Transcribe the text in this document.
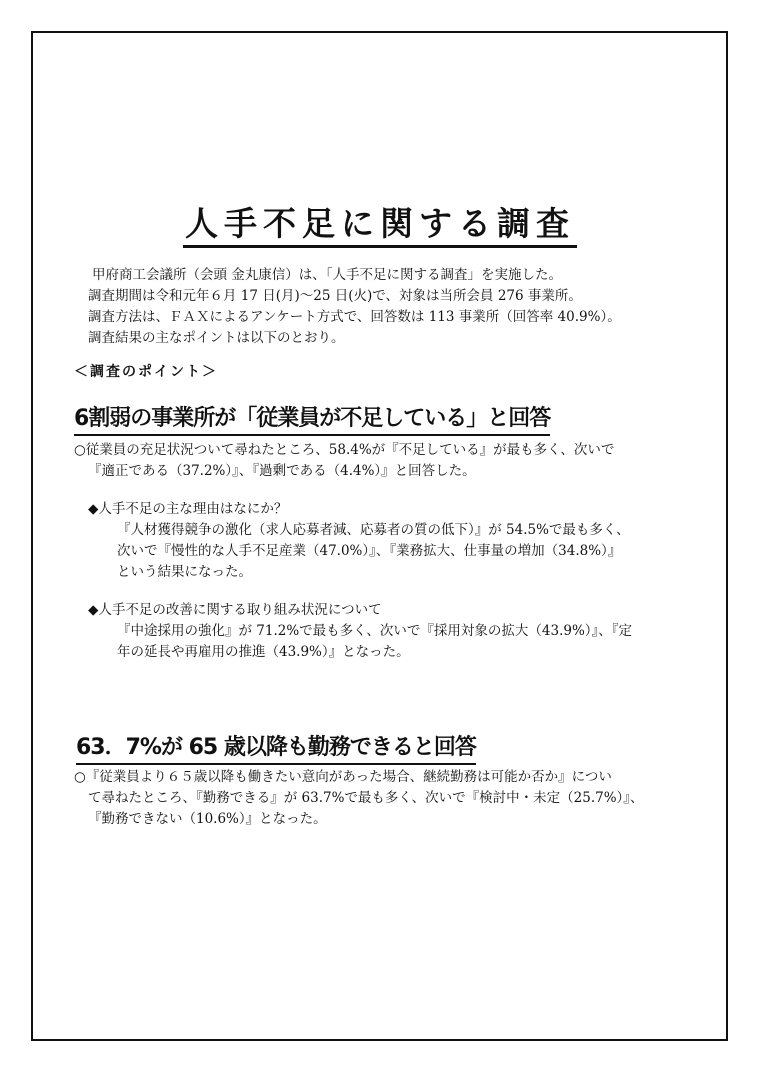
人手不足に関する調査
甲府商工会議所（会頭 金丸康信）は、「人手不足に関する調査」を実施した。
調査期間は令和元年６月 17 日(月)～25 日(火)で、対象は当所会員 276 事業所。
調査方法は、ＦＡＸによるアンケート方式で、回答数は 113 事業所（回答率 40.9%）。
調査結果の主なポイントは以下のとおり。
＜調査のポイント＞
6割弱の事業所が「従業員が不足している」と回答
○従業員の充足状況ついて尋ねたところ、58.4%が『不足している』が最も多く、次いで
『適正である（37.2%）』、『過剰である（4.4%）』と回答した。
◆人手不足の主な理由はなにか？
『人材獲得競争の激化（求人応募者減、応募者の質の低下）』が 54.5%で最も多く、
次いで『慢性的な人手不足産業（47.0%）』、『業務拡大、仕事量の増加（34.8%）』
という結果になった。
◆人手不足の改善に関する取り組み状況について
『中途採用の強化』が 71.2%で最も多く、次いで『採用対象の拡大（43.9%）』、『定
年の延長や再雇用の推進（43.9%）』となった。
63．7%が 65 歳以降も勤務できると回答
○『従業員より６５歳以降も働きたい意向があった場合、継続勤務は可能か否か』につい
て尋ねたところ、『勤務できる』が 63.7%で最も多く、次いで『検討中・未定（25.7%）』、
『勤務できない（10.6%）』となった。
